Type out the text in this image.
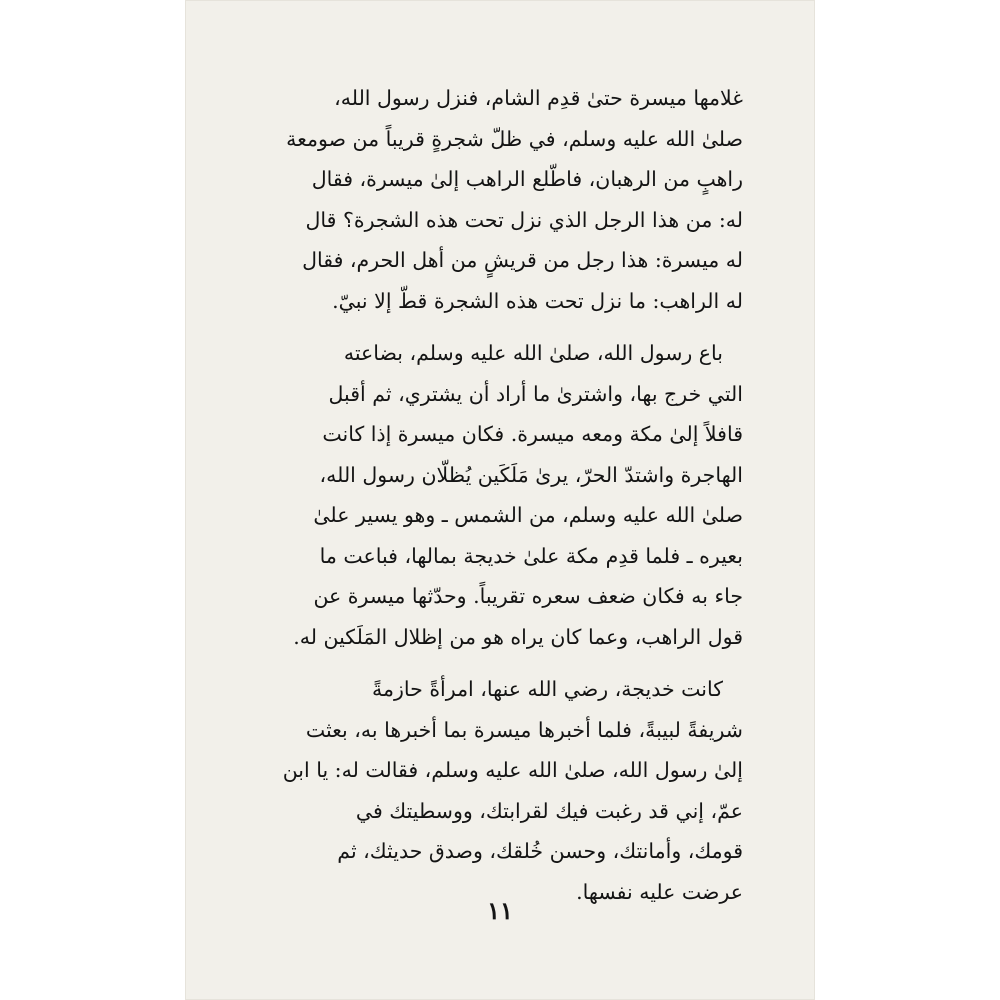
غلامها ميسرة حتىٰ قدِم الشام، فنزل رسول الله،
صلىٰ الله عليه وسلم، في ظلّ شجرةٍ قريباً من صومعة
راهبٍ من الرهبان، فاطّلع الراهب إلىٰ ميسرة، فقال
له: من هذا الرجل الذي نزل تحت هذه الشجرة؟ قال
له ميسرة: هذا رجل من قريشٍ من أهل الحرم، فقال
له الراهب: ما نزل تحت هذه الشجرة قطّ إلا نبيّ.

باع رسول الله، صلىٰ الله عليه وسلم، بضاعته
التي خرج بها، واشترىٰ ما أراد أن يشتري، ثم أقبل
قافلاً إلىٰ مكة ومعه ميسرة. فكان ميسرة إذا كانت
الهاجرة واشتدّ الحرّ، يرىٰ مَلَكَين يُظلّان رسول الله،
صلىٰ الله عليه وسلم، من الشمس ـ وهو يسير علىٰ
بعيره ـ فلما قدِم مكة علىٰ خديجة بمالها، فباعت ما
جاء به فكان ضعف سعره تقريباً. وحدّثها ميسرة عن
قول الراهب، وعما كان يراه هو من إظلال المَلَكين له.

كانت خديجة، رضي الله عنها، امرأةً حازمةً
شريفةً لبيبةً، فلما أخبرها ميسرة بما أخبرها به، بعثت
إلىٰ رسول الله، صلىٰ الله عليه وسلم، فقالت له: يا ابن
عمّ، إني قد رغبت فيك لقرابتك، ووسطيتك في
قومك، وأمانتك، وحسن خُلقك، وصدق حديثك، ثم
عرضت عليه نفسها.

١١
